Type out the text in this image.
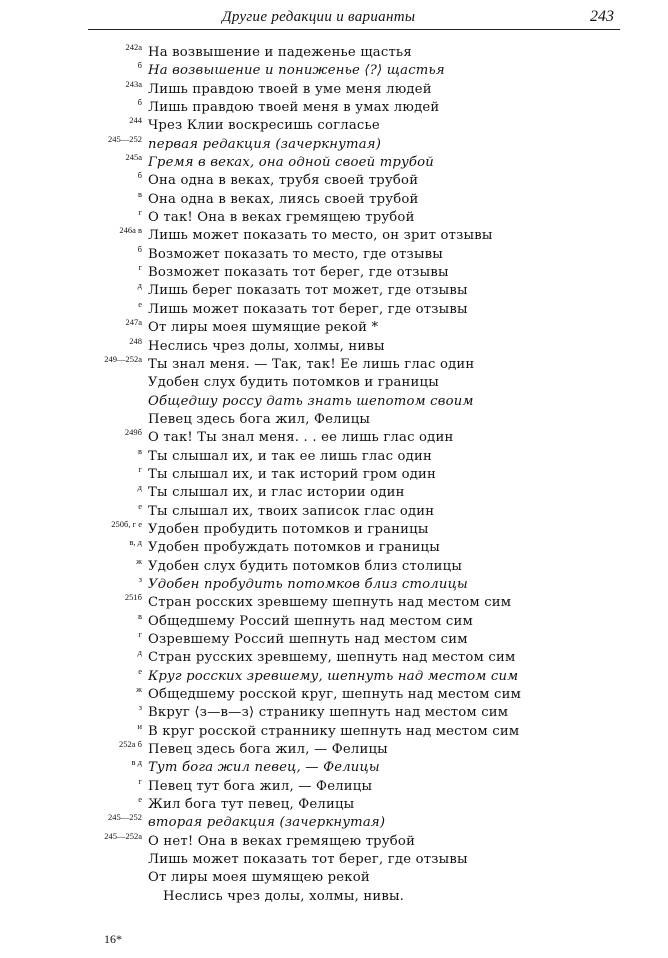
Другие редакции и варианты	243
242а На возвышение и падеженье щастья
б На возвышение и пониженье ⟨?⟩ щастья
243а Лишь правдою твоей в уме меня людей
б Лишь правдою твоей меня в умах людей
244 Чрез Клии воскресишь согласье
245—252 первая редакция (зачеркнутая)
245а Гремя в веках, она одной своей трубой
б Она одна в веках, трубя своей трубой
в Она одна в веках, лиясь своей трубой
г О так! Она в веках гремящею трубой
246а в Лишь может показать то место, он зрит отзывы
б Возможет показать то место, где отзывы
г Возможет показать тот берег, где отзывы
д Лишь берег показать тот может, где отзывы
е Лишь может показать тот берег, где отзывы
247а От лиры моея шумящие рекой *
248 Неслись чрез долы, холмы, нивы
249—252а Ты знал меня. — Так, так! Ее лишь глас один
Удобен слух будить потомков и границы
Общедшу россу дать знать шепотом своим
Певец здесь бога жил, Фелицы
249б О так! Ты знал меня. . . ее лишь глас один
в Ты слышал их, и так ее лишь глас один
г Ты слышал их, и так историй гром один
д Ты слышал их, и глас истории один
е Ты слышал их, твоих записок глас один
250б, г е Удобен пробудить потомков и границы
в, д Удобен пробуждать потомков и границы
ж Удобен слух будить потомков близ столицы
з Удобен пробудить потомков близ столицы
251б Стран росских зревшему шепнуть над местом сим
в Общедшему Россий шепнуть над местом сим
г Озревшему Россий шепнуть над местом сим
д Стран русских зревшему, шепнуть над местом сим
е Круг росских зревшему, шепнуть над местом сим
ж Общедшему росской круг, шепнуть над местом сим
з Вкруг ⟨з—в—з⟩ странику шепнуть над местом сим
и В круг росской страннику шепнуть над местом сим
252а б Певец здесь бога жил, — Фелицы
в д Тут бога жил певец, — Фелицы
г Певец тут бога жил, — Фелицы
е Жил бога тут певец, Фелицы
245—252 вторая редакция (зачеркнутая)
245—252а О нет! Она в веках гремящею трубой
Лишь может показать тот берег, где отзывы
От лиры моея шумящею рекой
Неслись чрез долы, холмы, нивы.
16*
